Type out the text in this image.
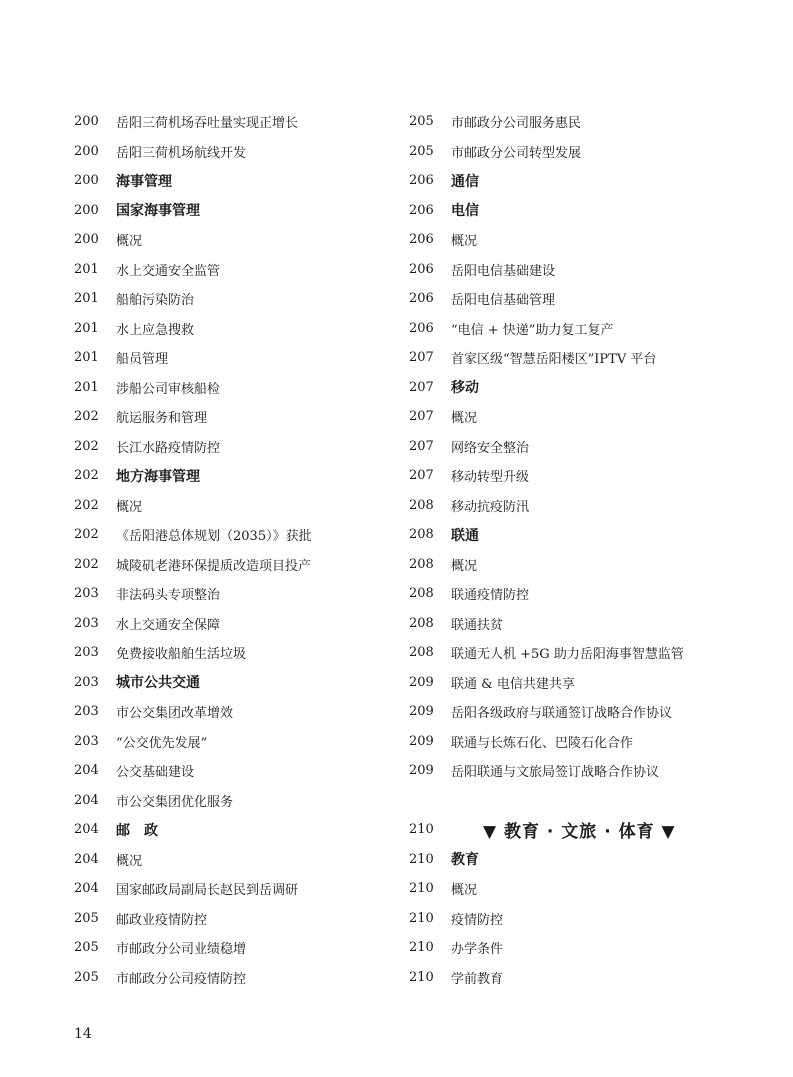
200	岳阳三荷机场吞吐量实现正增长
200	岳阳三荷机场航线开发
200	海事管理
200	国家海事管理
200	概况
201	水上交通安全监管
201	船舶污染防治
201	水上应急搜救
201	船员管理
201	涉船公司审核船检
202	航运服务和管理
202	长江水路疫情防控
202	地方海事管理
202	概况
202	《岳阳港总体规划（2035）》获批
202	城陵矶老港环保提质改造项目投产
203	非法码头专项整治
203	水上交通安全保障
203	免费接收船舶生活垃圾
203	城市公共交通
203	市公交集团改革增效
203	“公交优先发展”
204	公交基础建设
204	市公交集团优化服务
204	邮政
204	概况
204	国家邮政局副局长赵民到岳调研
205	邮政业疫情防控
205	市邮政分公司业绩稳增
205	市邮政分公司疫情防控
205	市邮政分公司服务惠民
205	市邮政分公司转型发展
206	通信
206	电信
206	概况
206	岳阳电信基础建设
206	岳阳电信基础管理
206	“电信 + 快递”助力复工复产
207	首家区级“智慧岳阳楼区”IPTV 平台
207	移动
207	概况
207	网络安全整治
207	移动转型升级
208	移动抗疫防汛
208	联通
208	概况
208	联通疫情防控
208	联通扶贫
208	联通无人机 +5G 助力岳阳海事智慧监管
209	联通 & 电信共建共享
209	岳阳各级政府与联通签订战略合作协议
209	联通与长炼石化、巴陵石化合作
209	岳阳联通与文旅局签订战略合作协议
210	▼ 教育 · 文旅 · 体育 ▼
210	教育
210	概况
210	疫情防控
210	办学条件
210	学前教育
14
